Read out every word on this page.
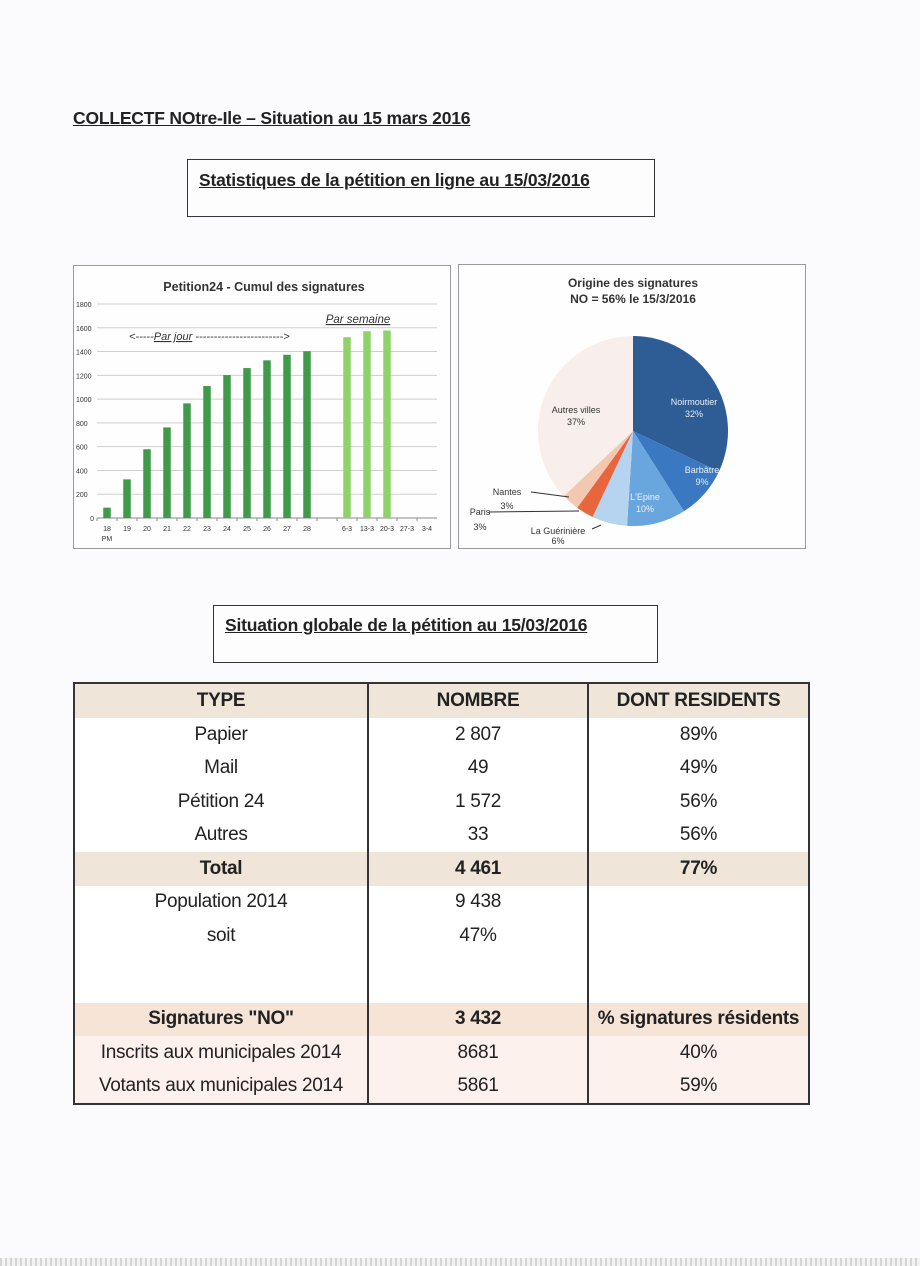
COLLECTF NOtre-Ile – Situation au 15 mars 2016
Statistiques de la pétition en ligne au 15/03/2016
Petition24 - Cumul des signatures
0
200
400
600
800
1000
1200
1400
1600
1800
18
PM
19 20 21 22 23 24 25 26 27 28	6-3 13-3 20-3 27-3 3-4
<-----Par jour ------------------------>
Par semaine
Origine des signatures
NO = 56% le 15/3/2016
Noirmoutier
32%
Barbâtre
9%
L'Epine
10%
La Guérinière
6%
Paris
3%
Nantes
3%
Autres villes
37%
Situation globale de la pétition au 15/03/2016
TYPE	NOMBRE	DONT RESIDENTS
Papier	2 807	89%
Mail	49	49%
Pétition 24	1 572	56%
Autres	33	56%
Total	4 461	77%
Population 2014	9 438	
soit	47%	

Signatures "NO"	3 432	% signatures résidents
Inscrits aux municipales 2014	8681	40%
Votants aux municipales 2014	5861	59%
